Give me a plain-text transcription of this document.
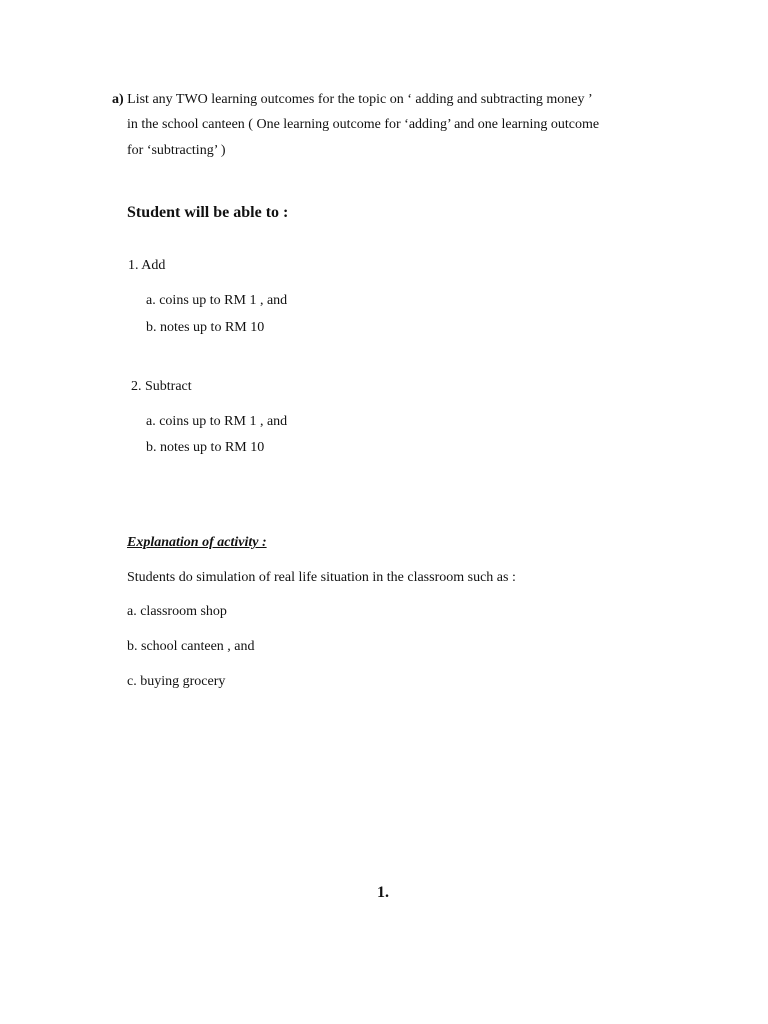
a) List any TWO learning outcomes for the topic on ‘ adding and subtracting money ’
in the school canteen ( One learning outcome for ‘adding’ and one learning outcome
for ‘subtracting’ )
Student will be able to :
1. Add
a. coins up to RM 1 , and
b. notes up to RM 10
2. Subtract
a. coins up to RM 1 , and
b. notes up to RM 10
Explanation of activity :
Students do simulation of real life situation in the classroom such as :
a. classroom shop
b. school canteen , and
c. buying grocery
1.
